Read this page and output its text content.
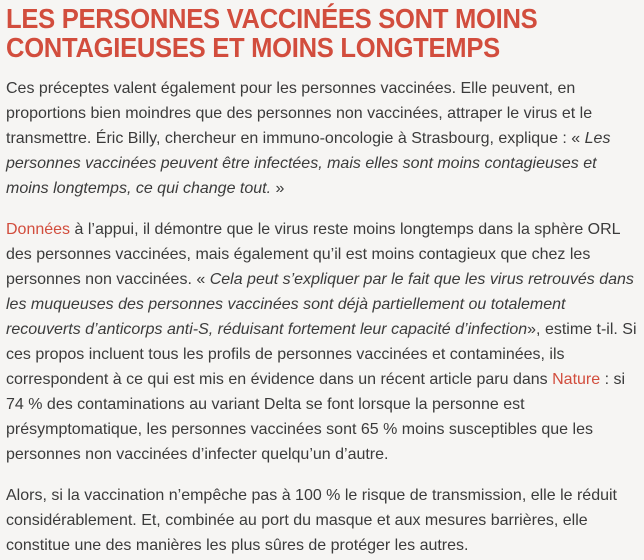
LES PERSONNES VACCINÉES SONT MOINS
CONTAGIEUSES ET MOINS LONGTEMPS

Ces préceptes valent également pour les personnes vaccinées. Elle peuvent, en proportions bien moindres que des personnes non vaccinées, attraper le virus et le transmettre. Éric Billy, chercheur en immuno-oncologie à Strasbourg, explique : « Les personnes vaccinées peuvent être infectées, mais elles sont moins contagieuses et moins longtemps, ce qui change tout. »

Données à l’appui, il démontre que le virus reste moins longtemps dans la sphère ORL des personnes vaccinées, mais également qu’il est moins contagieux que chez les personnes non vaccinées. « Cela peut s’expliquer par le fait que les virus retrouvés dans les muqueuses des personnes vaccinées sont déjà partiellement ou totalement recouverts d’anticorps anti-S, réduisant fortement leur capacité d’infection», estime t-il. Si ces propos incluent tous les profils de personnes vaccinées et contaminées, ils correspondent à ce qui est mis en évidence dans un récent article paru dans Nature : si 74 % des contaminations au variant Delta se font lorsque la personne est présymptomatique, les personnes vaccinées sont 65 % moins susceptibles que les personnes non vaccinées d’infecter quelqu’un d’autre.

Alors, si la vaccination n’empêche pas à 100 % le risque de transmission, elle le réduit considérablement. Et, combinée au port du masque et aux mesures barrières, elle constitue une des manières les plus sûres de protéger les autres.
